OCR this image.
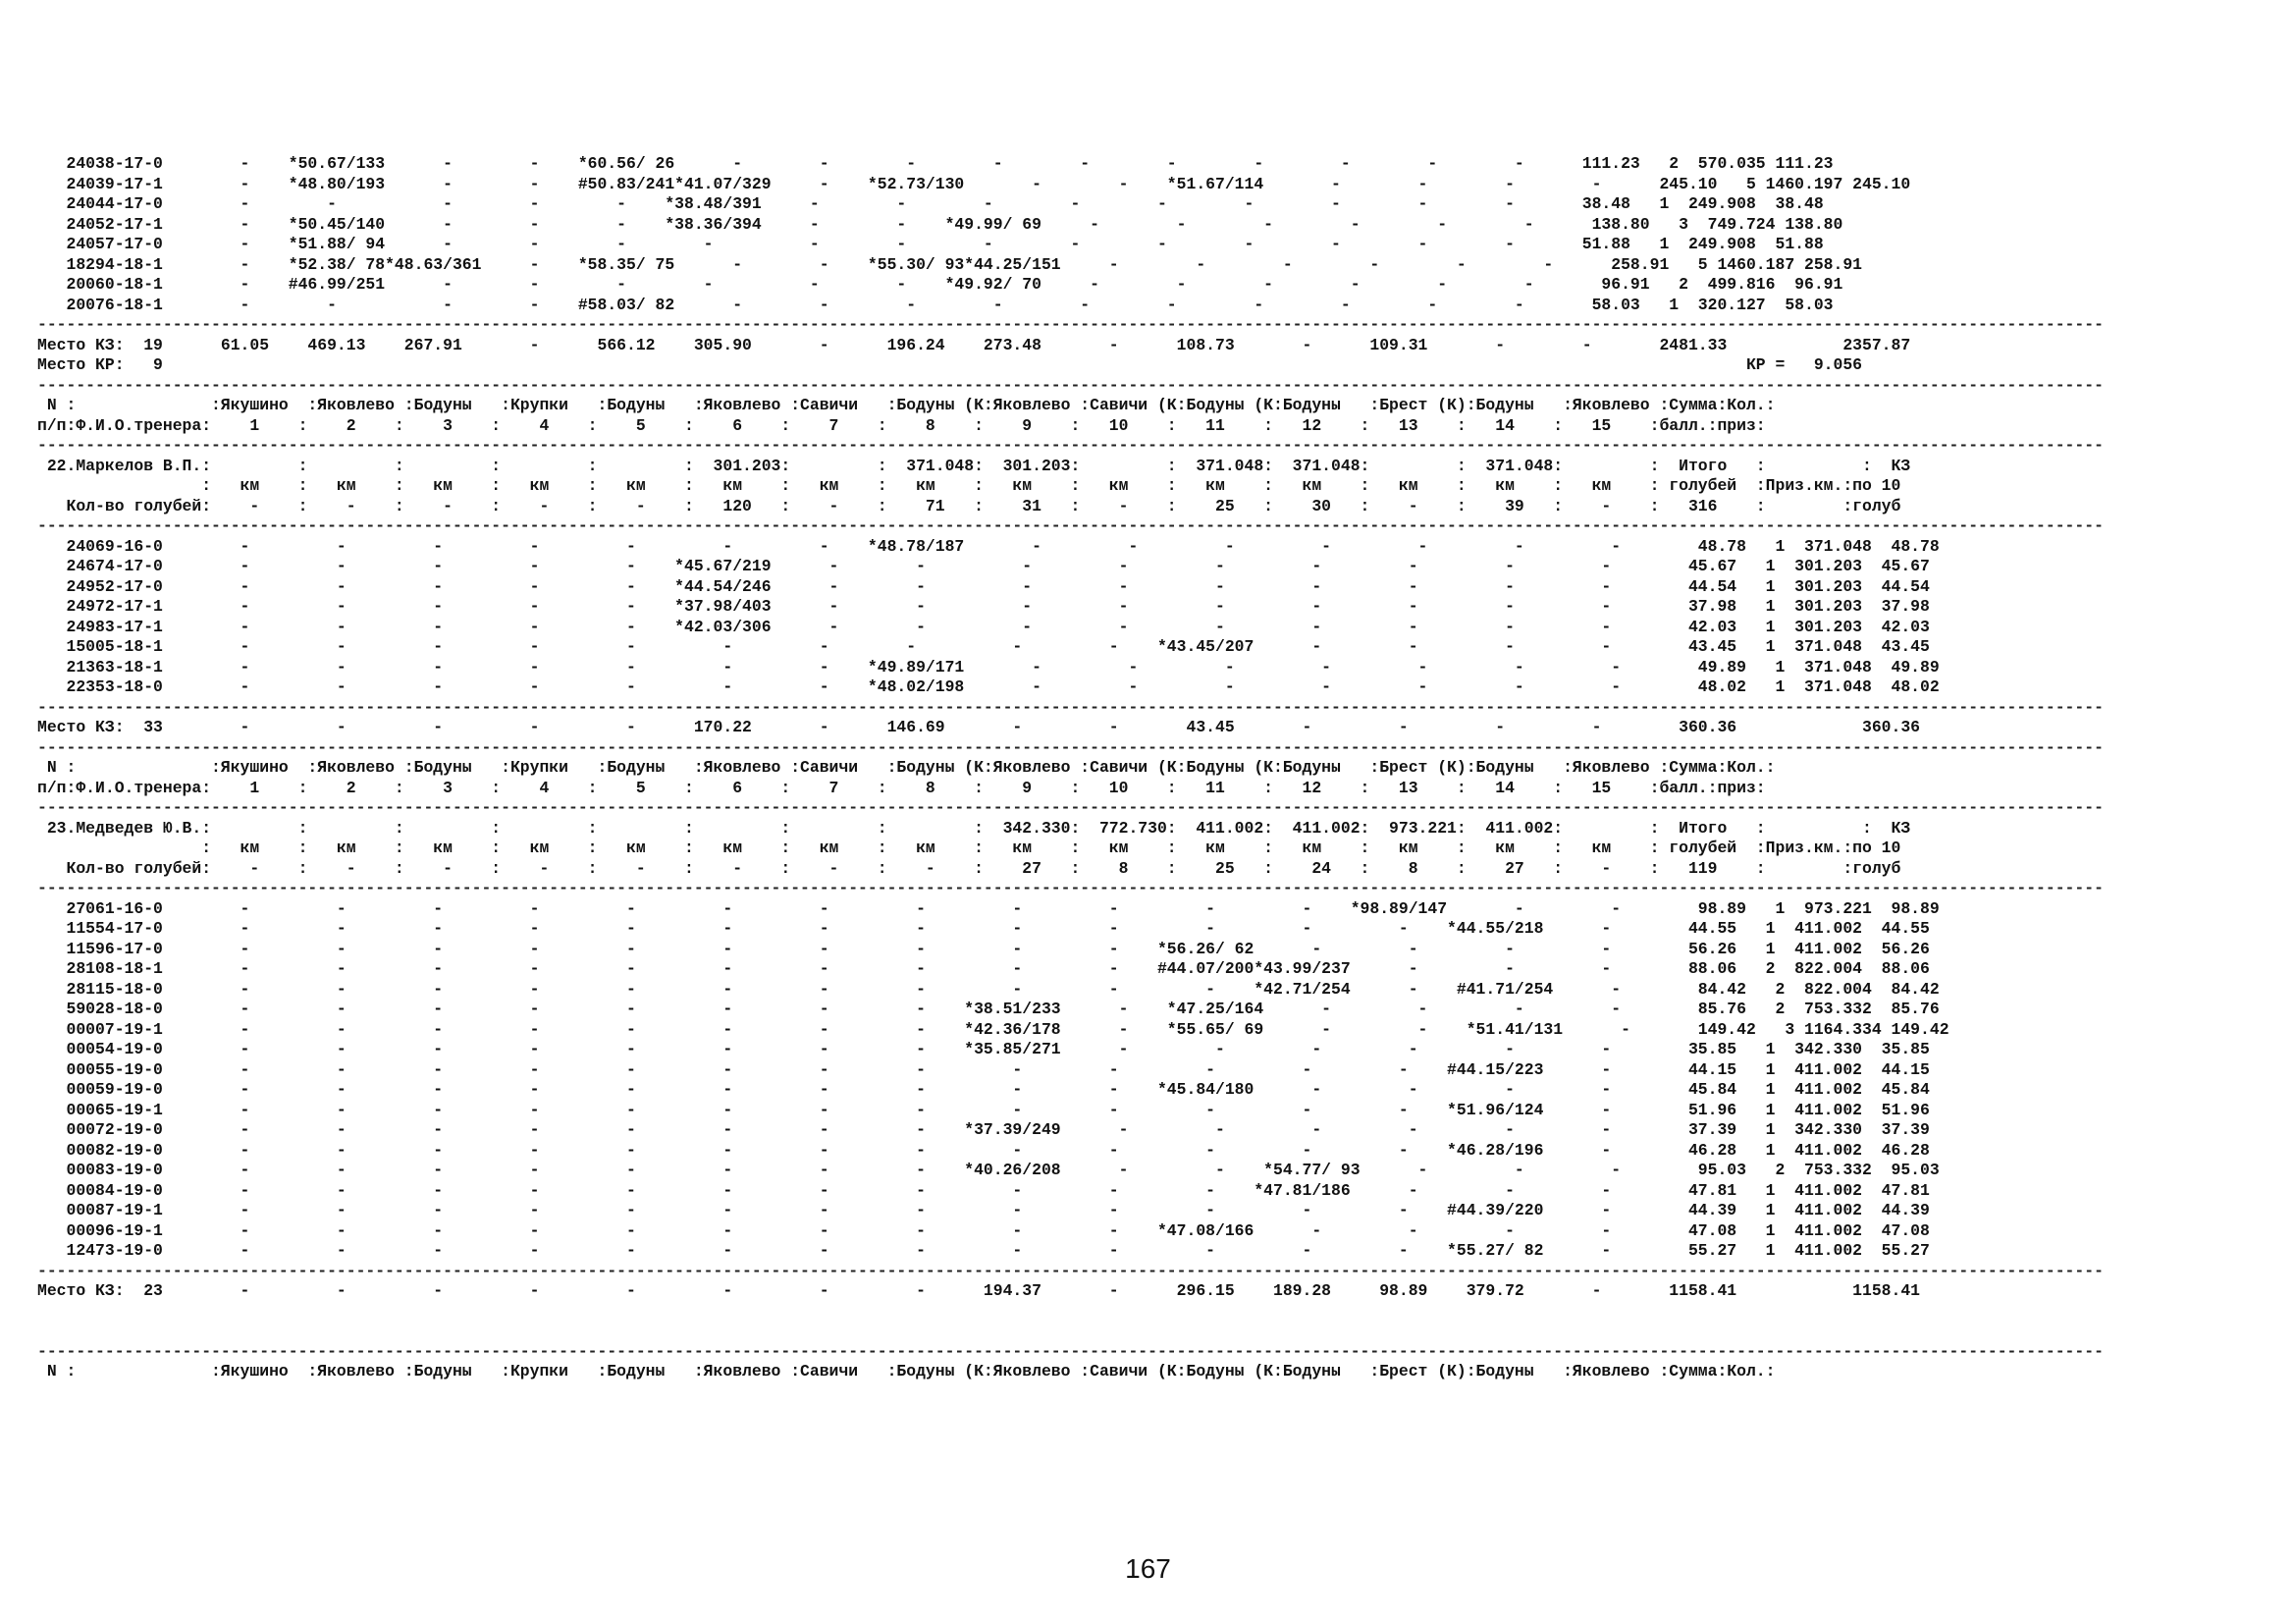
24038-17-0        -    *50.67/133      -        -    *60.56/ 26      -        -        -        -        -        -        -        -        -        -      111.23   2  570.035 111.23
24039-17-1        -    *48.80/193      -        -    #50.83/241*41.07/329     -    *52.73/130       -        -    *51.67/114       -        -        -        -      245.10   5 1460.197 245.10
24044-17-0        -        -           -        -        -    *38.48/391     -        -        -        -        -        -        -        -        -       38.48   1  249.908  38.48
24052-17-1        -    *50.45/140      -        -        -    *38.36/394     -        -    *49.99/ 69     -        -        -        -        -        -      138.80   3  749.724 138.80
24057-17-0        -    *51.88/ 94      -        -        -        -          -        -        -        -        -        -        -        -        -       51.88   1  249.908  51.88
18294-18-1        -    *52.38/ 78*48.63/361     -    *58.35/ 75      -        -    *55.30/ 93*44.25/151     -        -        -        -        -        -      258.91   5 1460.187 258.91
20060-18-1        -    #46.99/251      -        -        -        -          -        -    *49.92/ 70     -        -        -        -        -        -       96.91   2  499.816  96.91
20076-18-1        -        -           -        -    #58.03/ 82      -        -        -        -        -        -        -        -        -        -       58.03   1  320.127  58.03
----------------------------------------------------------------------------------------------------------------------------------------------------------------------------------------------------------------------
Место КЗ:  19      61.05    469.13    267.91       -      566.12    305.90       -      196.24    273.48       -      108.73       -      109.31       -        -       2481.33            2357.87
Место КР:   9                                                                                                                                                                    КР =   9.056
----------------------------------------------------------------------------------------------------------------------------------------------------------------------------------------------------------------------
N :              :Якушино  :Яковлево :Бодуны   :Крупки   :Бодуны   :Яковлево :Савичи   :Бодуны (К:Яковлево :Савичи (К:Бодуны (К:Бодуны   :Брест (К):Бодуны   :Яковлево :Сумма:Кол.:
п/п:Ф.И.О.тренера:    1    :    2    :    3    :    4    :    5    :    6    :    7    :    8    :    9    :   10    :   11    :   12    :   13    :   14    :   15    :балл.:приз:
----------------------------------------------------------------------------------------------------------------------------------------------------------------------------------------------------------------------
22.Маркелов В.П.:         :         :         :         :         :  301.203:         :  371.048:  301.203:         :  371.048:  371.048:         :  371.048:         :  Итого   :          :  КЗ
:   км    :   км    :   км    :   км    :   км    :   км    :   км    :   км    :   км    :   км    :   км    :   км    :   км    :   км    :   км    : голубей  :Приз.км.:по 10
Кол-во голубей:    -    :    -    :    -    :    -    :    -    :   120   :    -    :    71   :    31   :    -    :    25   :    30   :    -    :    39   :    -    :   316    :        :голуб
----------------------------------------------------------------------------------------------------------------------------------------------------------------------------------------------------------------------
24069-16-0        -         -         -         -         -         -         -    *48.78/187       -         -         -         -         -         -         -        48.78   1  371.048  48.78
24674-17-0        -         -         -         -         -    *45.67/219      -        -          -         -         -         -         -         -         -        45.67   1  301.203  45.67
24952-17-0        -         -         -         -         -    *44.54/246      -        -          -         -         -         -         -         -         -        44.54   1  301.203  44.54
24972-17-1        -         -         -         -         -    *37.98/403      -        -          -         -         -         -         -         -         -        37.98   1  301.203  37.98
24983-17-1        -         -         -         -         -    *42.03/306      -        -          -         -         -         -         -         -         -        42.03   1  301.203  42.03
15005-18-1        -         -         -         -         -         -         -        -          -         -    *43.45/207      -         -         -         -        43.45   1  371.048  43.45
21363-18-1        -         -         -         -         -         -         -    *49.89/171       -         -         -         -         -         -         -        49.89   1  371.048  49.89
22353-18-0        -         -         -         -         -         -         -    *48.02/198       -         -         -         -         -         -         -        48.02   1  371.048  48.02
----------------------------------------------------------------------------------------------------------------------------------------------------------------------------------------------------------------------
Место КЗ:  33        -         -         -         -         -      170.22       -      146.69       -         -       43.45       -         -         -         -        360.36             360.36
----------------------------------------------------------------------------------------------------------------------------------------------------------------------------------------------------------------------
N :              :Якушино  :Яковлево :Бодуны   :Крупки   :Бодуны   :Яковлево :Савичи   :Бодуны (К:Яковлево :Савичи (К:Бодуны (К:Бодуны   :Брест (К):Бодуны   :Яковлево :Сумма:Кол.:
п/п:Ф.И.О.тренера:    1    :    2    :    3    :    4    :    5    :    6    :    7    :    8    :    9    :   10    :   11    :   12    :   13    :   14    :   15    :балл.:приз:
----------------------------------------------------------------------------------------------------------------------------------------------------------------------------------------------------------------------
23.Медведев Ю.В.:         :         :         :         :         :         :         :         :  342.330:  772.730:  411.002:  411.002:  973.221:  411.002:         :  Итого   :          :  КЗ
:   км    :   км    :   км    :   км    :   км    :   км    :   км    :   км    :   км    :   км    :   км    :   км    :   км    :   км    :   км    : голубей  :Приз.км.:по 10
Кол-во голубей:    -    :    -    :    -    :    -    :    -    :    -    :    -    :    -    :    27   :    8    :    25   :    24   :    8    :    27   :    -    :   119    :        :голуб
----------------------------------------------------------------------------------------------------------------------------------------------------------------------------------------------------------------------
27061-16-0        -         -         -         -         -         -         -         -         -         -         -         -    *98.89/147       -         -        98.89   1  973.221  98.89
11554-17-0        -         -         -         -         -         -         -         -         -         -         -         -         -    *44.55/218      -        44.55   1  411.002  44.55
11596-17-0        -         -         -         -         -         -         -         -         -         -    *56.26/ 62      -         -         -         -        56.26   1  411.002  56.26
28108-18-1        -         -         -         -         -         -         -         -         -         -    #44.07/200*43.99/237      -         -         -        88.06   2  822.004  88.06
28115-18-0        -         -         -         -         -         -         -         -         -         -         -    *42.71/254      -    #41.71/254      -        84.42   2  822.004  84.42
59028-18-0        -         -         -         -         -         -         -         -    *38.51/233      -    *47.25/164      -         -         -         -        85.76   2  753.332  85.76
00007-19-1        -         -         -         -         -         -         -         -    *42.36/178      -    *55.65/ 69      -         -    *51.41/131      -       149.42   3 1164.334 149.42
00054-19-0        -         -         -         -         -         -         -         -    *35.85/271      -         -         -         -         -         -        35.85   1  342.330  35.85
00055-19-0        -         -         -         -         -         -         -         -         -         -         -         -         -    #44.15/223      -        44.15   1  411.002  44.15
00059-19-0        -         -         -         -         -         -         -         -         -         -    *45.84/180      -         -         -         -        45.84   1  411.002  45.84
00065-19-1        -         -         -         -         -         -         -         -         -         -         -         -         -    *51.96/124      -        51.96   1  411.002  51.96
00072-19-0        -         -         -         -         -         -         -         -    *37.39/249      -         -         -         -         -         -        37.39   1  342.330  37.39
00082-19-0        -         -         -         -         -         -         -         -         -         -         -         -         -    *46.28/196      -        46.28   1  411.002  46.28
00083-19-0        -         -         -         -         -         -         -         -    *40.26/208      -         -    *54.77/ 93      -         -         -        95.03   2  753.332  95.03
00084-19-0        -         -         -         -         -         -         -         -         -         -         -    *47.81/186      -         -         -        47.81   1  411.002  47.81
00087-19-1        -         -         -         -         -         -         -         -         -         -         -         -         -    #44.39/220      -        44.39   1  411.002  44.39
00096-19-1        -         -         -         -         -         -         -         -         -         -    *47.08/166      -         -         -         -        47.08   1  411.002  47.08
12473-19-0        -         -         -         -         -         -         -         -         -         -         -         -         -    *55.27/ 82      -        55.27   1  411.002  55.27
----------------------------------------------------------------------------------------------------------------------------------------------------------------------------------------------------------------------
Место КЗ:  23        -         -         -         -         -         -         -         -      194.37       -      296.15    189.28     98.89    379.72       -       1158.41            1158.41
----------------------------------------------------------------------------------------------------------------------------------------------------------------------------------------------------------------------
N :              :Якушино  :Яковлево :Бодуны   :Крупки   :Бодуны   :Яковлево :Савичи   :Бодуны (К:Яковлево :Савичи (К:Бодуны (К:Бодуны   :Брест (К):Бодуны   :Яковлево :Сумма:Кол.:
167
